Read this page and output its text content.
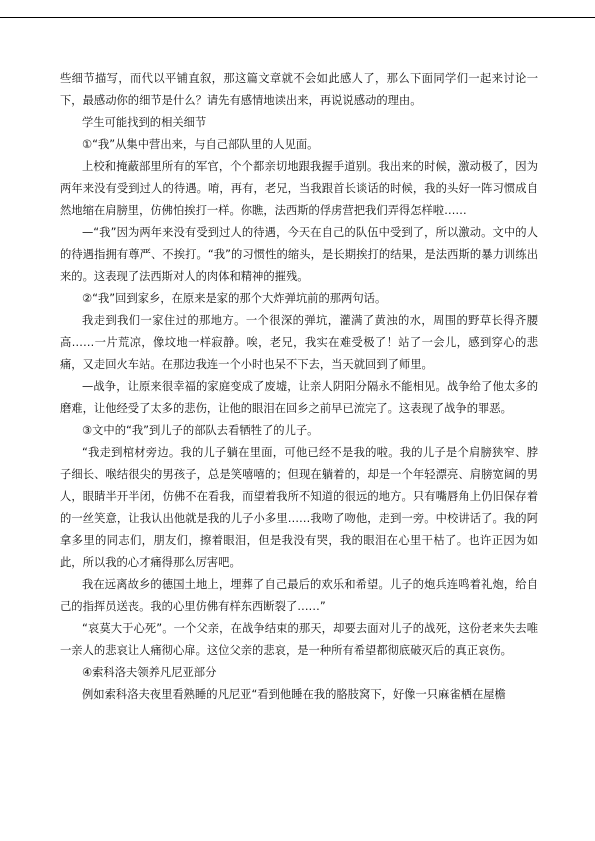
些细节描写，而代以平铺直叙，那这篇文章就不会如此感人了，那么下面同学们一起来讨论一下，最感动你的细节是什么？请先有感情地读出来，再说说感动的理由。

学生可能找到的相关细节

①“我”从集中营出来，与自己部队里的人见面。

上校和掩蔽部里所有的军官，个个都亲切地跟我握手道别。我出来的时候，激动极了，因为两年来没有受到过人的待遇。唷，再有，老兄，当我跟首长谈话的时候，我的头好一阵习惯成自然地缩在肩膀里，仿佛怕挨打一样。你瞧，法西斯的俘虏营把我们弄得怎样啦……

—“我”因为两年来没有受到过人的待遇，今天在自己的队伍中受到了，所以激动。文中的人的待遇指拥有尊严、不挨打。“我”的习惯性的缩头，是长期挨打的结果，是法西斯的暴力训练出来的。这表现了法西斯对人的肉体和精神的摧残。

②“我”回到家乡，在原来是家的那个大炸弹坑前的那两句话。

我走到我们一家住过的那地方。一个很深的弹坑，灌满了黄浊的水，周围的野草长得齐腰高……一片荒凉，像坟地一样寂静。唉，老兄，我实在难受极了！站了一会儿，感到穿心的悲痛，又走回火车站。在那边我连一个小时也呆不下去，当天就回到了师里。

—战争，让原来很幸福的家庭变成了废墟，让亲人阴阳分隔永不能相见。战争给了他太多的磨难，让他经受了太多的悲伤，让他的眼泪在回乡之前早已流完了。这表现了战争的罪恶。

③文中的“我”到儿子的部队去看牺牲了的儿子。

“我走到棺材旁边。我的儿子躺在里面，可他已经不是我的啦。我的儿子是个肩膀狭窄、脖子细长、喉结很尖的男孩子，总是笑嘻嘻的；但现在躺着的，却是一个年轻漂亮、肩膀宽阔的男人，眼睛半开半闭，仿佛不在看我，而望着我所不知道的很远的地方。只有嘴唇角上仍旧保存着的一丝笑意，让我认出他就是我的儿子小多里……我吻了吻他，走到一旁。中校讲话了。我的阿拿多里的同志们，朋友们，擦着眼泪，但是我没有哭，我的眼泪在心里干枯了。也许正因为如此，所以我的心才痛得那么厉害吧。

我在远离故乡的德国土地上，埋葬了自己最后的欢乐和希望。儿子的炮兵连鸣着礼炮，给自己的指挥员送丧。我的心里仿佛有样东西断裂了……”

“哀莫大于心死”。一个父亲，在战争结束的那天，却要去面对儿子的战死，这份老来失去唯一亲人的悲哀让人痛彻心扉。这位父亲的悲哀，是一种所有希望都彻底破灭后的真正哀伤。

④索科洛夫领养凡尼亚部分

例如索科洛夫夜里看熟睡的凡尼亚“看到他睡在我的胳肢窝下，好像一只麻雀栖在屋檐
